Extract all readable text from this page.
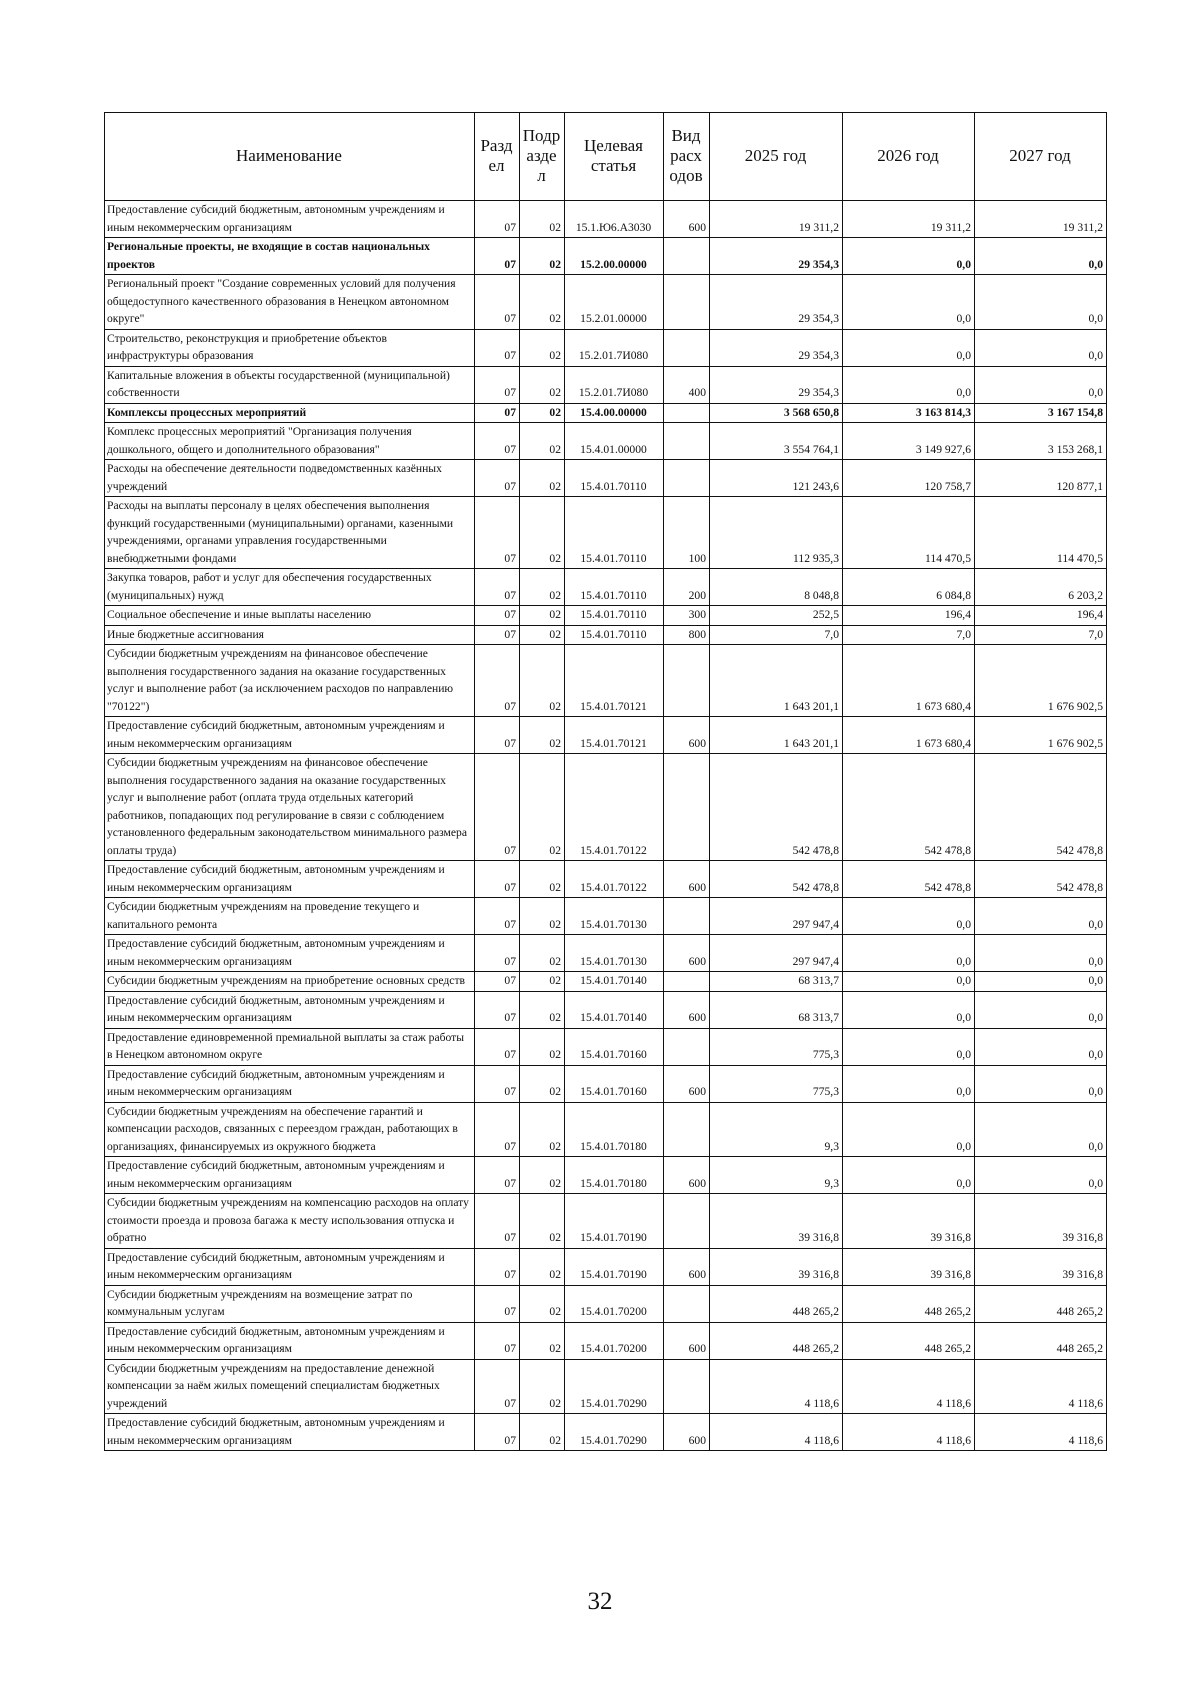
Наименование	Разд ел	Подр азде л	Целевая статья	Вид расх одов	2025 год	2026 год	2027 год
Предоставление субсидий бюджетным, автономным учреждениям и иным некоммерческим организациям	07	02	15.1.Ю6.А3030	600	19 311,2	19 311,2	19 311,2
Региональные проекты, не входящие в состав национальных проектов	07	02	15.2.00.00000		29 354,3	0,0	0,0
Региональный проект "Создание современных условий для получения общедоступного качественного образования в Ненецком автономном округе"	07	02	15.2.01.00000		29 354,3	0,0	0,0
Строительство, реконструкция и приобретение объектов инфраструктуры образования	07	02	15.2.01.7И080		29 354,3	0,0	0,0
Капитальные вложения в объекты государственной (муниципальной) собственности	07	02	15.2.01.7И080	400	29 354,3	0,0	0,0
Комплексы процессных мероприятий	07	02	15.4.00.00000		3 568 650,8	3 163 814,3	3 167 154,8
Комплекс процессных мероприятий "Организация получения дошкольного, общего и дополнительного образования"	07	02	15.4.01.00000		3 554 764,1	3 149 927,6	3 153 268,1
Расходы на обеспечение деятельности подведомственных казённых учреждений	07	02	15.4.01.70110		121 243,6	120 758,7	120 877,1
Расходы на выплаты персоналу в целях обеспечения выполнения функций государственными (муниципальными) органами, казенными учреждениями, органами управления государственными внебюджетными фондами	07	02	15.4.01.70110	100	112 935,3	114 470,5	114 470,5
Закупка товаров, работ и услуг для обеспечения государственных (муниципальных) нужд	07	02	15.4.01.70110	200	8 048,8	6 084,8	6 203,2
Социальное обеспечение и иные выплаты населению	07	02	15.4.01.70110	300	252,5	196,4	196,4
Иные бюджетные ассигнования	07	02	15.4.01.70110	800	7,0	7,0	7,0
Субсидии бюджетным учреждениям на финансовое обеспечение выполнения государственного задания на оказание государственных услуг и выполнение работ (за исключением расходов по направлению "70122")	07	02	15.4.01.70121		1 643 201,1	1 673 680,4	1 676 902,5
Предоставление субсидий бюджетным, автономным учреждениям и иным некоммерческим организациям	07	02	15.4.01.70121	600	1 643 201,1	1 673 680,4	1 676 902,5
Субсидии бюджетным учреждениям на финансовое обеспечение выполнения государственного задания на оказание государственных услуг и выполнение работ (оплата труда отдельных категорий работников, попадающих под регулирование в связи с соблюдением установленного федеральным законодательством минимального размера оплаты труда)	07	02	15.4.01.70122		542 478,8	542 478,8	542 478,8
Предоставление субсидий бюджетным, автономным учреждениям и иным некоммерческим организациям	07	02	15.4.01.70122	600	542 478,8	542 478,8	542 478,8
Субсидии бюджетным учреждениям на проведение текущего и капитального ремонта	07	02	15.4.01.70130		297 947,4	0,0	0,0
Предоставление субсидий бюджетным, автономным учреждениям и иным некоммерческим организациям	07	02	15.4.01.70130	600	297 947,4	0,0	0,0
Субсидии бюджетным учреждениям на приобретение основных средств	07	02	15.4.01.70140		68 313,7	0,0	0,0
Предоставление субсидий бюджетным, автономным учреждениям и иным некоммерческим организациям	07	02	15.4.01.70140	600	68 313,7	0,0	0,0
Предоставление единовременной премиальной выплаты за стаж работы в Ненецком автономном округе	07	02	15.4.01.70160		775,3	0,0	0,0
Предоставление субсидий бюджетным, автономным учреждениям и иным некоммерческим организациям	07	02	15.4.01.70160	600	775,3	0,0	0,0
Субсидии бюджетным учреждениям на обеспечение гарантий и компенсации расходов, связанных с переездом граждан, работающих в организациях, финансируемых из окружного бюджета	07	02	15.4.01.70180		9,3	0,0	0,0
Предоставление субсидий бюджетным, автономным учреждениям и иным некоммерческим организациям	07	02	15.4.01.70180	600	9,3	0,0	0,0
Субсидии бюджетным учреждениям на компенсацию расходов на оплату стоимости проезда и провоза багажа к месту использования отпуска и обратно	07	02	15.4.01.70190		39 316,8	39 316,8	39 316,8
Предоставление субсидий бюджетным, автономным учреждениям и иным некоммерческим организациям	07	02	15.4.01.70190	600	39 316,8	39 316,8	39 316,8
Субсидии бюджетным учреждениям на возмещение затрат по коммунальным услугам	07	02	15.4.01.70200		448 265,2	448 265,2	448 265,2
Предоставление субсидий бюджетным, автономным учреждениям и иным некоммерческим организациям	07	02	15.4.01.70200	600	448 265,2	448 265,2	448 265,2
Субсидии бюджетным учреждениям на предоставление денежной компенсации за наём жилых помещений специалистам бюджетных учреждений	07	02	15.4.01.70290		4 118,6	4 118,6	4 118,6
Предоставление субсидий бюджетным, автономным учреждениям и иным некоммерческим организациям	07	02	15.4.01.70290	600	4 118,6	4 118,6	4 118,6
32
